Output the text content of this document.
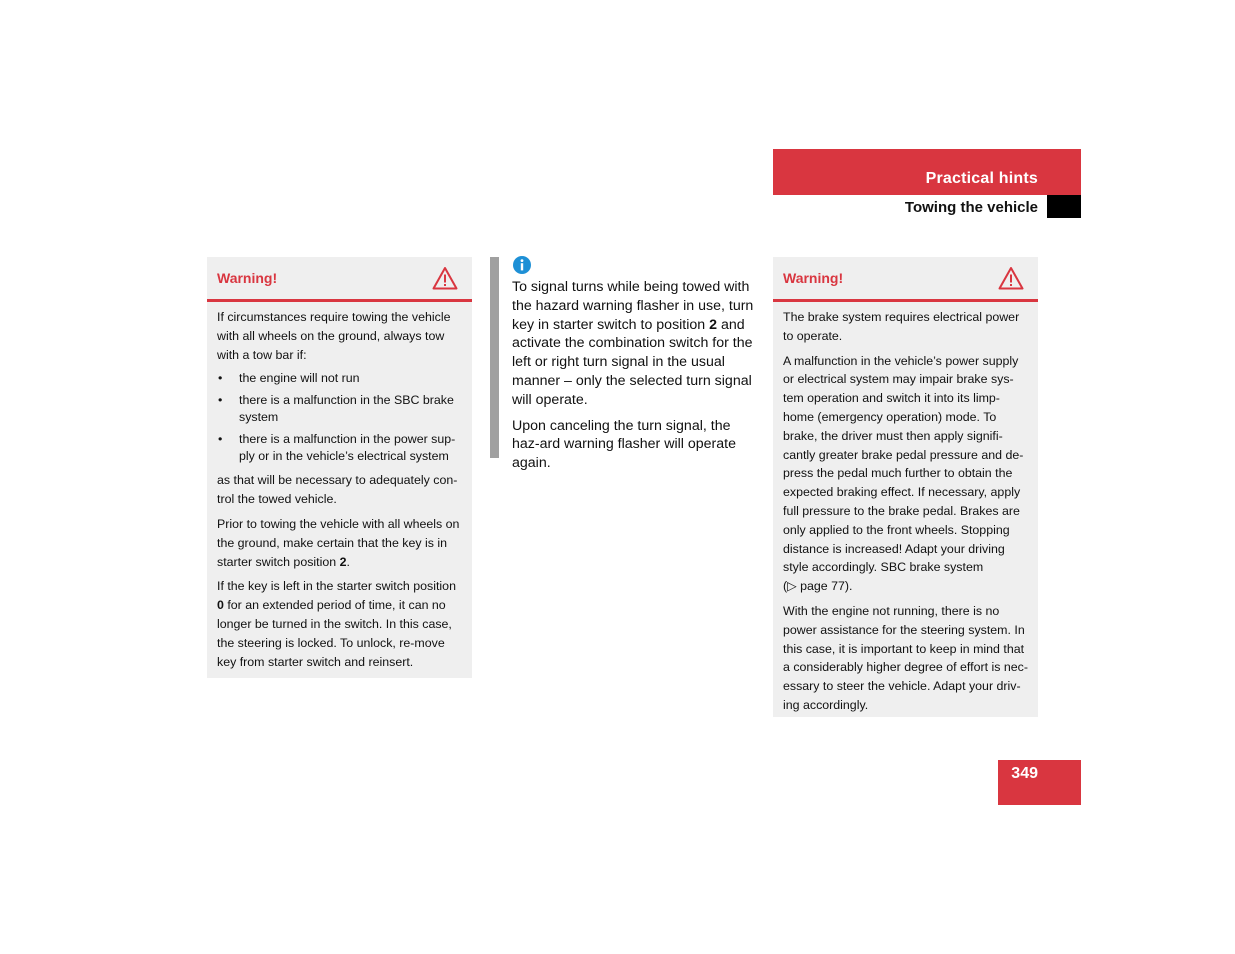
Practical hints
Towing the vehicle
Warning!

If circumstances require towing the vehicle with all wheels on the ground, always tow with a tow bar if:

• the engine will not run
• there is a malfunction in the SBC brake system
• there is a malfunction in the power sup-ply or in the vehicle’s electrical system

as that will be necessary to adequately con-trol the towed vehicle.

Prior to towing the vehicle with all wheels on the ground, make certain that the key is in starter switch position 2.

If the key is left in the starter switch position 0 for an extended period of time, it can no longer be turned in the switch. In this case, the steering is locked. To unlock, re-move key from starter switch and reinsert.

To signal turns while being towed with the hazard warning flasher in use, turn key in starter switch to position 2 and activate the combination switch for the left or right turn signal in the usual manner – only the selected turn signal will operate.

Upon canceling the turn signal, the haz-ard warning flasher will operate again.

Warning!

The brake system requires electrical power to operate.

A malfunction in the vehicle’s power supply or electrical system may impair brake sys-tem operation and switch it into its limp-home (emergency operation) mode. To brake, the driver must then apply signifi-cantly greater brake pedal pressure and de-press the pedal much further to obtain the expected braking effect. If necessary, apply full pressure to the brake pedal. Brakes are only applied to the front wheels. Stopping distance is increased! Adapt your driving style accordingly. SBC brake system
(▷ page 77).

With the engine not running, there is no power assistance for the steering system. In this case, it is important to keep in mind that a considerably higher degree of effort is nec-essary to steer the vehicle. Adapt your driv-ing accordingly.

349
